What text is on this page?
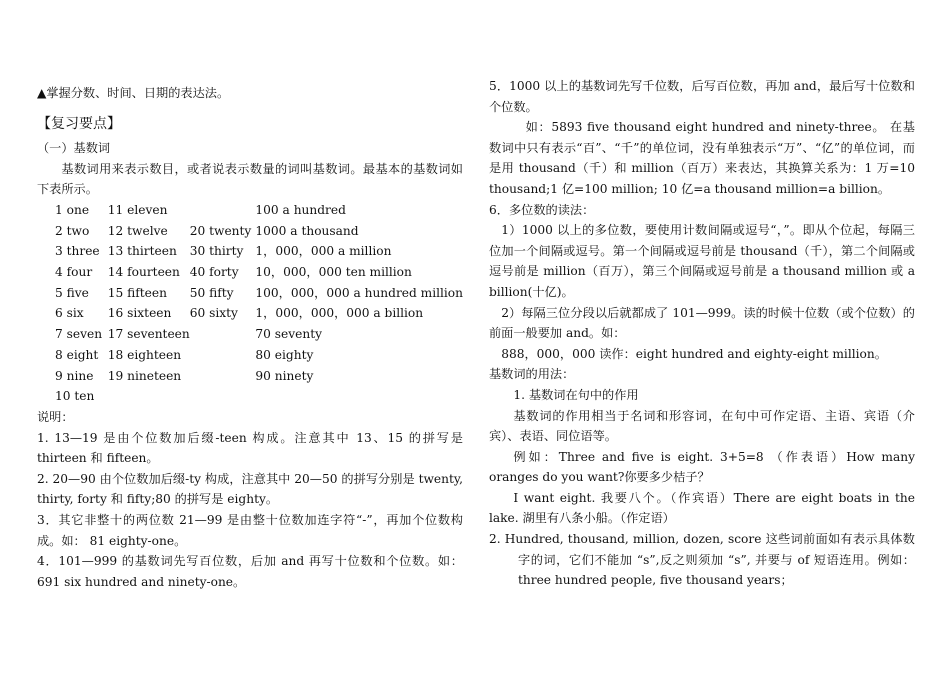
▲掌握分数、时间、日期的表达法。

【复习要点】

（一）基数词

基数词用来表示数目，或者说表示数量的词叫基数词。最基本的基数词如下表所示。

1 one	11 eleven		100 a hundred
2 two	12 twelve	20 twenty	1000 a thousand
3 three	13 thirteen	30 thirty	1，000，000 a million
4 four	14 fourteen	40 forty	10，000，000 ten million
5 five	15 fifteen	50 fifty	100，000，000 a hundred million
6 six	16 sixteen	60 sixty	1，000，000，000 a billion
7 seven	17 seventeen		70 seventy
8 eight	18 eighteen		80 eighty
9 nine	19 nineteen		90 ninety
10 ten			

说明：

1. 13—19 是由个位数加后缀-teen 构成。注意其中 13、15 的拼写是 thirteen 和 fifteen。

2. 20—90 由个位数加后缀-ty 构成，注意其中 20—50 的拼写分别是 twenty, thirty, forty 和 fifty;80 的拼写是 eighty。

3．其它非整十的两位数 21—99 是由整十位数加连字符“-”，再加个位数构成。如： 81 eighty-one。

4．101—999 的基数词先写百位数，后加 and 再写十位数和个位数。如：691 six hundred and ninety-one。

5．1000 以上的基数词先写千位数，后写百位数，再加 and，最后写十位数和个位数。

如：5893 five thousand eight hundred and ninety-three。 在基数词中只有表示“百”、“千”的单位词，没有单独表示“万”、“亿”的单位词，而是用 thousand（千）和 million（百万）来表达，其换算关系为：1 万=10 thousand;1 亿=100 million; 10 亿=a thousand million=a billion。

6．多位数的读法：

1）1000 以上的多位数，要使用计数间隔或逗号“，”。即从个位起，每隔三位加一个间隔或逗号。第一个间隔或逗号前是 thousand（千），第二个间隔或逗号前是 million（百万），第三个间隔或逗号前是 a thousand million 或 a billion(十亿)。

2）每隔三位分段以后就都成了 101—999。读的时候十位数（或个位数）的前面一般要加 and。如：

888，000，000 读作：eight hundred and eighty-eight million。

基数词的用法：

1. 基数词在句中的作用

基数词的作用相当于名词和形容词，在句中可作定语、主语、宾语（介宾）、表语、同位语等。

例如：Three and five is eight. 3+5=8 （作表语）How many oranges do you want?你要多少桔子？

I want eight. 我要八个。（作宾语）There are eight boats in the lake. 湖里有八条小船。（作定语）

2. Hundred, thousand, million, dozen, score 这些词前面如有表示具体数字的词，它们不能加 “s”,反之则须加 “s”, 并要与 of 短语连用。例如：three hundred people, five thousand years；
